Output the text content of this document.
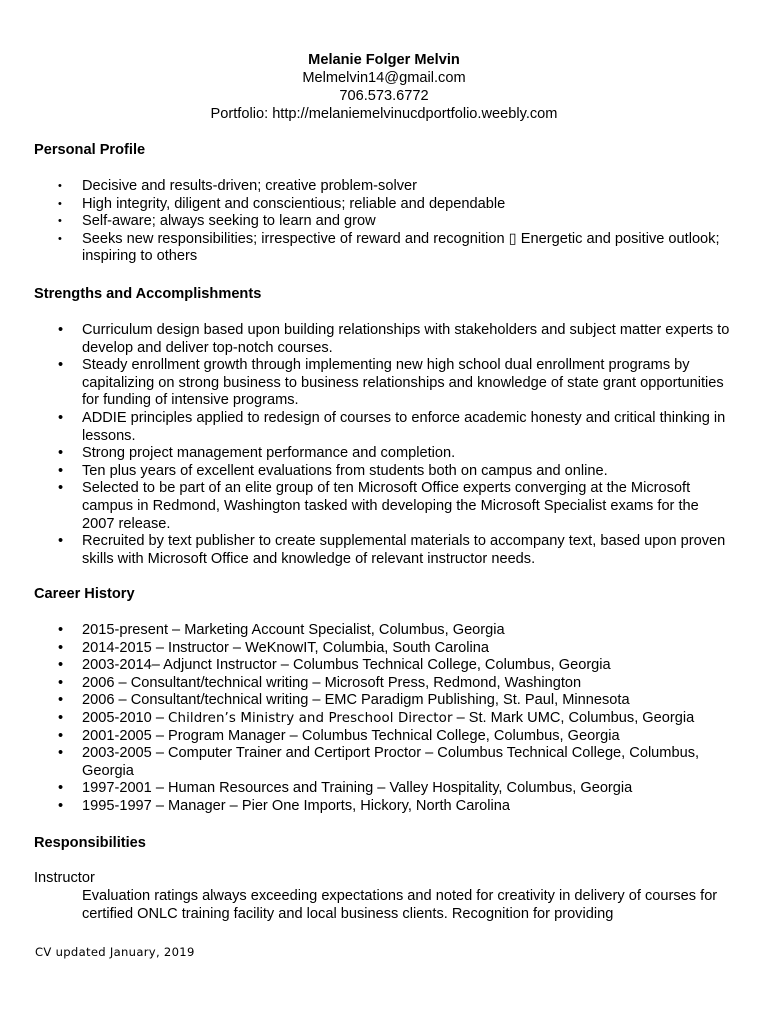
Melanie Folger Melvin
Melmelvin14@gmail.com
706.573.6772
Portfolio: http://melaniemelvinucdportfolio.weebly.com
Personal Profile
•	Decisive and results-driven; creative problem-solver
•	High integrity, diligent and conscientious; reliable and dependable
•	Self-aware; always seeking to learn and grow
•	Seeks new responsibilities; irrespective of reward and recognition ▯ Energetic and positive outlook; inspiring to others
Strengths and Accomplishments
•	Curriculum design based upon building relationships with stakeholders and subject matter experts to develop and deliver top-notch courses.
•	Steady enrollment growth through implementing new high school dual enrollment programs by capitalizing on strong business to business relationships and knowledge of state grant opportunities for funding of intensive programs.
•	ADDIE principles applied to redesign of courses to enforce academic honesty and critical thinking in lessons.
•	Strong project management performance and completion.
•	Ten plus years of excellent evaluations from students both on campus and online.
•	Selected to be part of an elite group of ten Microsoft Office experts converging at the Microsoft campus in Redmond, Washington tasked with developing the Microsoft Specialist exams for the 2007 release.
•	Recruited by text publisher to create supplemental materials to accompany text, based upon proven skills with Microsoft Office and knowledge of relevant instructor needs.
Career History
•	2015-present – Marketing Account Specialist, Columbus, Georgia
•	2014-2015 – Instructor – WeKnowIT, Columbia, South Carolina
•	2003-2014– Adjunct Instructor – Columbus Technical College, Columbus, Georgia
•	2006 – Consultant/technical writing – Microsoft Press, Redmond, Washington
•	2006 – Consultant/technical writing – EMC Paradigm Publishing, St. Paul, Minnesota
•	2005-2010 – Children’s Ministry and Preschool Director – St. Mark UMC, Columbus, Georgia
•	2001-2005 – Program Manager – Columbus Technical College, Columbus, Georgia
•	2003-2005 – Computer Trainer and Certiport Proctor – Columbus Technical College, Columbus, Georgia
•	1997-2001 – Human Resources and Training – Valley Hospitality, Columbus, Georgia
•	1995-1997 – Manager – Pier One Imports, Hickory, North Carolina
Responsibilities
Instructor
Evaluation ratings always exceeding expectations and noted for creativity in delivery of courses for certified ONLC training facility and local business clients. Recognition for providing
CV updated January, 2019
